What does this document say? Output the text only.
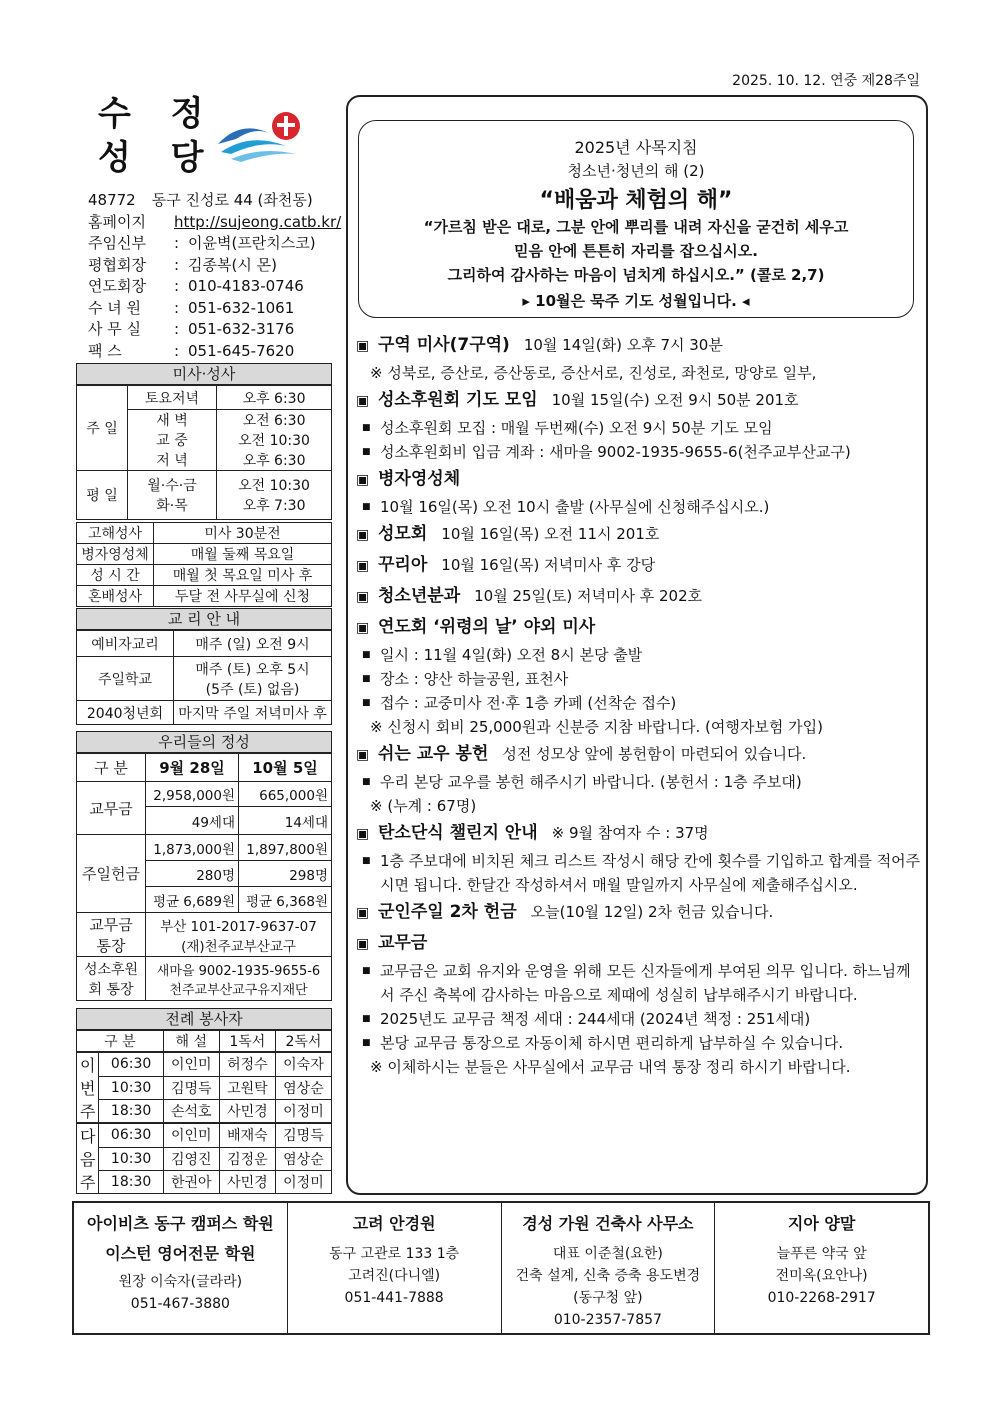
2025. 10. 12. 연중 제28주일
수 정
성 당
48772 동구 진성로 44 (좌천동)
홈페이지	http://sujeong.catb.kr/
주임신부	: 이윤벽(프란치스코)
평협회장	: 김종복(시 몬)
연도회장	: 010-4183-0746
수 녀 원	: 051-632-1061
사 무 실	: 051-632-3176
팩 스	: 051-645-7620
미사·성사
주 일	토요저녁	오후 6:30
	새 벽	오전 6:30
	교 중	오전 10:30
	저 녁	오후 6:30
평 일	월·수·금	오전 10:30
	화·목	오후 7:30
고해성사	미사 30분전
병자영성체	매월 둘째 목요일
성 시 간	매월 첫 목요일 미사 후
혼배성사	두달 전 사무실에 신청
교 리 안 내
예비자교리	매주 (일) 오전 9시
주일학교	매주 (토) 오후 5시
(5주 (토) 없음)

2040청년회	마지막 주일 저녁미사 후
우리들의 정성
구 분	9월 28일	10월 5일
교무금	2,958,000원	665,000원
	49세대	14세대
주일헌금	1,873,000원	1,897,800원
	280명	298명
	평균 6,689원	평균 6,368원
교무금 통장	부산 101-2017-9637-07
(재)천주교부산교구	

성소후원회 통장	새마을 9002-1935-9655-6
천주교부산교구유지재단	
전례 봉사자
구 분		해 설	1독서	2독서
이	06:30	이인미	허정수	이숙자
번	10:30	김명득	고원탁	염상순
주	18:30	손석호	사민경	이정미
다	06:30	이인미	배재숙	김명득
음	10:30	김영진	김정운	염상순
주	18:30	한권아	사민경	이정미
2025년 사목지침
청소년·청년의 해 (2)
“배움과 체험의 해”
“가르침 받은 대로, 그분 안에 뿌리를 내려 자신을 굳건히 세우고
믿음 안에 튼튼히 자리를 잡으십시오.
그리하여 감사하는 마음이 넘치게 하십시오.” (콜로 2,7)
▸ 10월은 묵주 기도 성월입니다. ◂
▣ 구역 미사(7구역) 10월 14일(화) 오후 7시 30분
※ 성북로, 증산로, 증산동로, 증산서로, 진성로, 좌천로, 망양로 일부,
▣ 성소후원회 기도 모임 10월 15일(수) 오전 9시 50분 201호
■ 성소후원회 모집 : 매월 두번째(수) 오전 9시 50분 기도 모임
■ 성소후원회비 입금 계좌 : 새마을 9002-1935-9655-6(천주교부산교구)
▣ 병자영성체
■ 10월 16일(목) 오전 10시 출발 (사무실에 신청해주십시오.)
▣ 성모회 10월 16일(목) 오전 11시 201호
▣ 꾸리아 10월 16일(목) 저녁미사 후 강당
▣ 청소년분과 10월 25일(토) 저녁미사 후 202호
▣ 연도회 ‘위령의 날’ 야외 미사
■ 일시 : 11월 4일(화) 오전 8시 본당 출발
■ 장소 : 양산 하늘공원, 표천사
■ 접수 : 교중미사 전·후 1층 카페 (선착순 접수)
※ 신청시 회비 25,000원과 신분증 지참 바랍니다. (여행자보험 가입)
▣ 쉬는 교우 봉헌 성전 성모상 앞에 봉헌함이 마련되어 있습니다.
■ 우리 본당 교우를 봉헌 해주시기 바랍니다. (봉헌서 : 1층 주보대)
※ (누계 : 67명)
▣ 탄소단식 챌린지 안내 ※ 9월 참여자 수 : 37명
■ 1층 주보대에 비치된 체크 리스트 작성시 해당 칸에 횟수를 기입하고 합계를 적어주시면 됩니다. 한달간 작성하셔서 매월 말일까지 사무실에 제출해주십시오.
▣ 군인주일 2차 헌금 오늘(10월 12일) 2차 헌금 있습니다.
▣ 교무금
■ 교무금은 교회 유지와 운영을 위해 모든 신자들에게 부여된 의무 입니다. 하느님께서 주신 축복에 감사하는 마음으로 제때에 성실히 납부해주시기 바랍니다.
■ 2025년도 교무금 책정 세대 : 244세대 (2024년 책정 : 251세대)
■ 본당 교무금 통장으로 자동이체 하시면 편리하게 납부하실 수 있습니다.
※ 이체하시는 분들은 사무실에서 교무금 내역 통장 정리 하시기 바랍니다.
아이비츠 동구 캠퍼스 학원
이스턴 영어전문 학원
원장 이숙자(글라라)
051-467-3880
고려 안경원
동구 고관로 133 1층
고려진(다니엘)
051-441-7888
경성 가원 건축사 사무소
대표 이준철(요한)
건축 설계, 신축 증축 용도변경
(동구청 앞)
010-2357-7857
지아 양말
늘푸른 약국 앞
전미옥(요안나)
010-2268-2917
